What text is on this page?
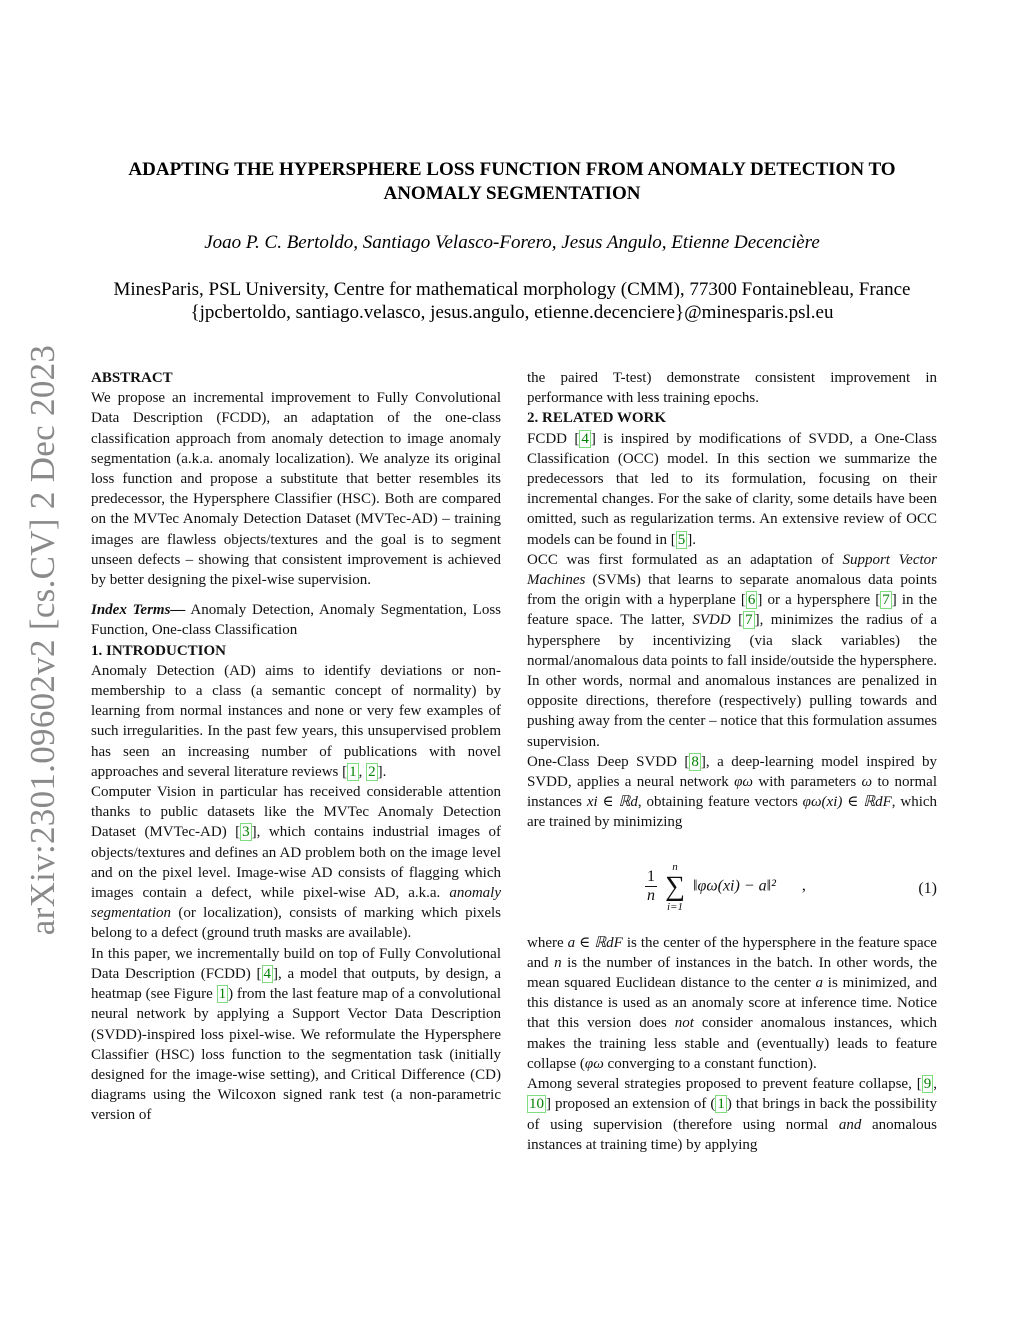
arXiv:2301.09602v2 [cs.CV] 2 Dec 2023
ADAPTING THE HYPERSPHERE LOSS FUNCTION FROM ANOMALY DETECTION TO
ANOMALY SEGMENTATION
Joao P. C. Bertoldo, Santiago Velasco-Forero, Jesus Angulo, Etienne Decencière
MinesParis, PSL University, Centre for mathematical morphology (CMM), 77300 Fontainebleau, France
{jpcbertoldo, santiago.velasco, jesus.angulo, etienne.decenciere}@minesparis.psl.eu

ABSTRACT

We propose an incremental improvement to Fully Convolutional Data Description (FCDD), an adaptation of the one-class classification approach from anomaly detection to image anomaly segmentation (a.k.a. anomaly localization). We analyze its original loss function and propose a substitute that better resembles its predecessor, the Hypersphere Classifier (HSC). Both are compared on the MVTec Anomaly Detection Dataset (MVTec-AD) – training images are flawless objects/textures and the goal is to segment unseen defects – showing that consistent improvement is achieved by better designing the pixel-wise supervision.

Index Terms— Anomaly Detection, Anomaly Segmentation, Loss Function, One-class Classification

1. INTRODUCTION

Anomaly Detection (AD) aims to identify deviations or non-membership to a class (a semantic concept of normality) by learning from normal instances and none or very few examples of such irregularities. In the past few years, this unsupervised problem has seen an increasing number of publications with novel approaches and several literature reviews [ 1 , 2 ].

Computer Vision in particular has received considerable attention thanks to public datasets like the MVTec Anomaly Detection Dataset (MVTec-AD) [ 3 ], which contains industrial images of objects/textures and defines an AD problem both on the image level and on the pixel level. Image-wise AD consists of flagging which images contain a defect, while pixel-wise AD, a.k.a. anomaly segmentation (or localization), consists of marking which pixels belong to a defect (ground truth masks are available).

In this paper, we incrementally build on top of Fully Convolutional Data Description (FCDD) [ 4 ], a model that outputs, by design, a heatmap (see Figure 1 ) from the last feature map of a convolutional neural network by applying a Support Vector Data Description (SVDD)-inspired loss pixel-wise. We reformulate the Hypersphere Classifier (HSC) loss function to the segmentation task (initially designed for the image-wise setting), and Critical Difference (CD) diagrams using the Wilcoxon signed rank test (a non-parametric version of

the paired T-test) demonstrate consistent improvement in performance with less training epochs.

2. RELATED WORK

FCDD [ 4 ] is inspired by modifications of SVDD, a One-Class Classification (OCC) model. In this section we summarize the predecessors that led to its formulation, focusing on their incremental changes. For the sake of clarity, some details have been omitted, such as regularization terms. An extensive review of OCC models can be found in [ 5 ].

OCC was first formulated as an adaptation of Support Vector Machines (SVMs) that learns to separate anomalous data points from the origin with a hyperplane [ 6 ] or a hypersphere [ 7 ] in the feature space. The latter, SVDD [ 7 ], minimizes the radius of a hypersphere by incentivizing (via slack variables) the normal/anomalous data points to fall inside/outside the hypersphere. In other words, normal and anomalous instances are penalized in opposite directions, therefore (respectively) pulling towards and pushing away from the center – notice that this formulation assumes supervision.

One-Class Deep SVDD [ 8 ], a deep-learning model inspired by SVDD, applies a neural network φω with parameters ω to normal instances xi ∈ ℝd, obtaining feature vectors φω(xi) ∈ ℝdF, which are trained by minimizing

$\frac{1}{n}$

n
∑
i=1
‖φω(xi) − a‖² ,	(1)

where a ∈ ℝdF is the center of the hypersphere in the feature space and n is the number of instances in the batch. In other words, the mean squared Euclidean distance to the center a is minimized, and this distance is used as an anomaly score at inference time. Notice that this version does not consider anomalous instances, which makes the training less stable and (eventually) leads to feature collapse (φω converging to a constant function).

Among several strategies proposed to prevent feature collapse, [ 9 , 10 ] proposed an extension of ( 1 ) that brings in back the possibility of using supervision (therefore using normal and anomalous instances at training time) by applying
